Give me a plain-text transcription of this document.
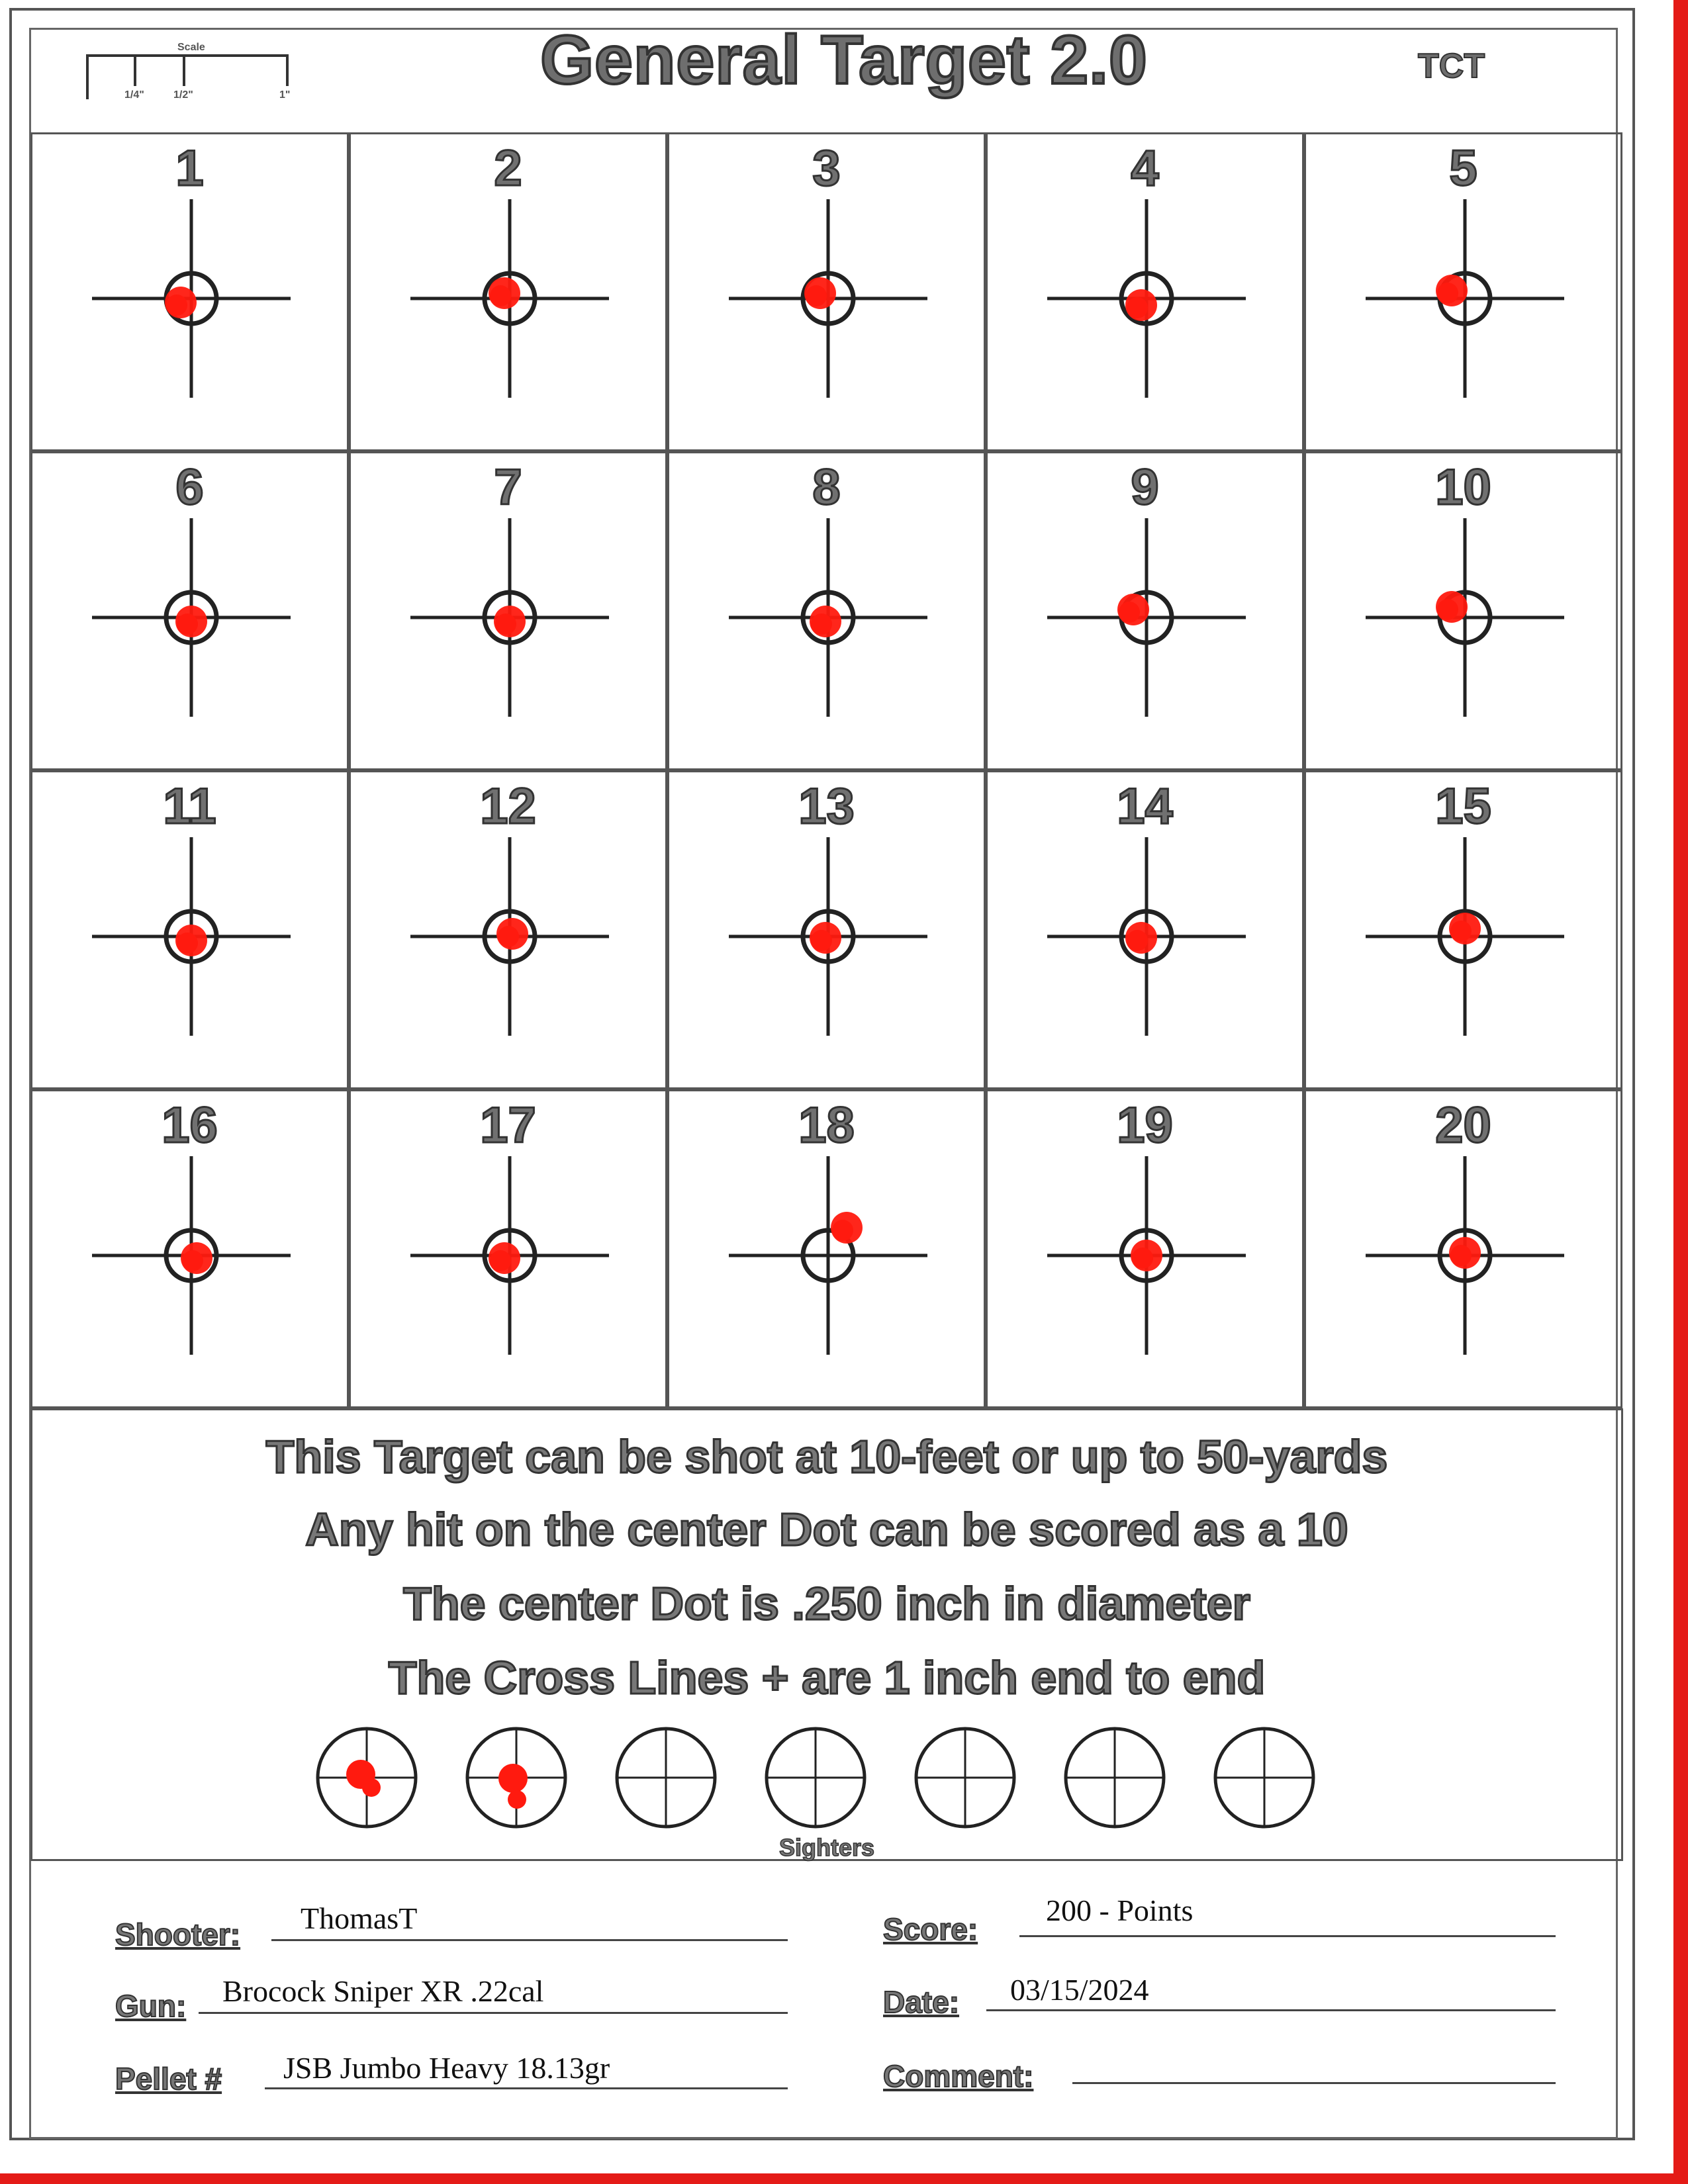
Scale
1/4"	1/2"	1"	General Target 2.0	TCT
1	2	3	4	5
6	7	8	9	10
11	12	13	14	15
16	17	18	19	20
This Target can be shot at 10-feet or up to 50-yards
Any hit on the center Dot can be scored as a 10
The center Dot is .250 inch in diameter
The Cross Lines + are 1 inch end to end
Sighters
Shooter: ThomasT
Gun: Brocock Sniper XR .22cal
Pellet # JSB Jumbo Heavy 18.13gr
Score:
200 - Points
Date: 03/15/2024
Comment:
